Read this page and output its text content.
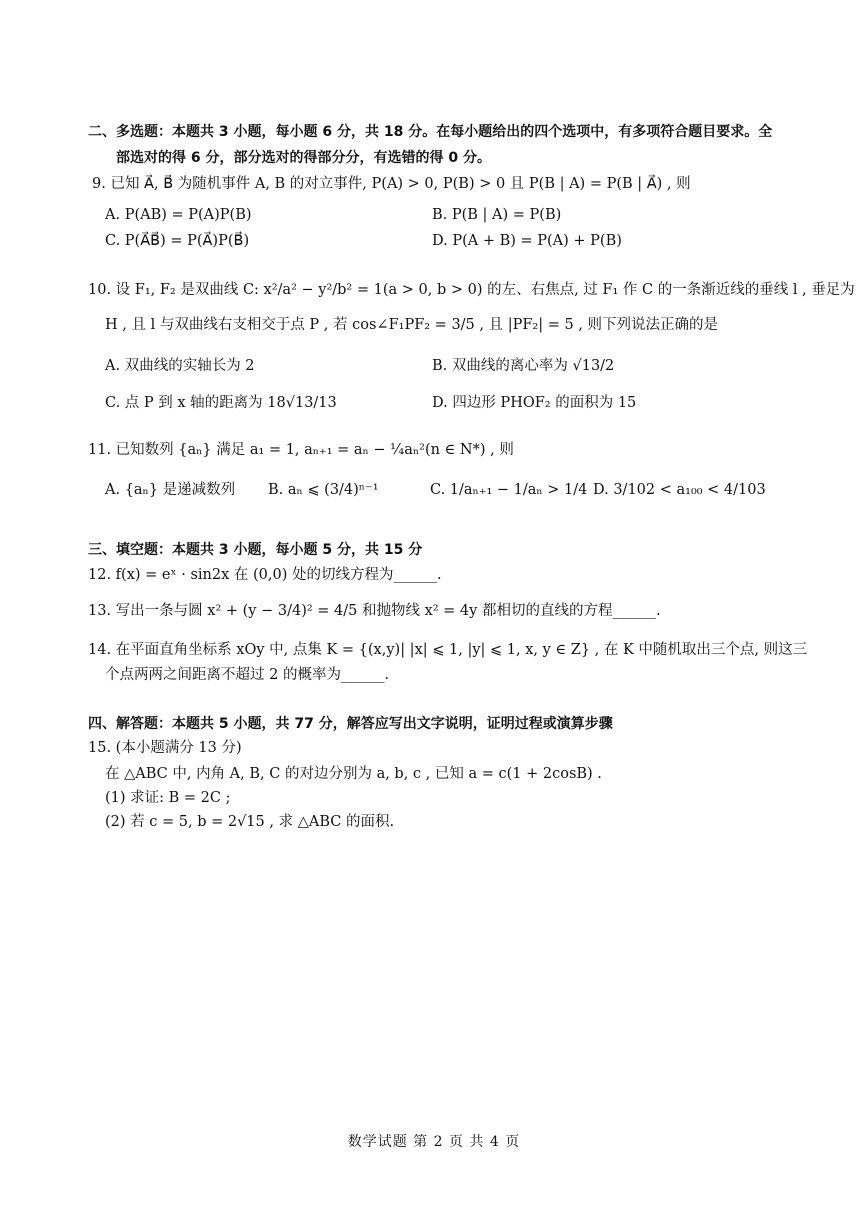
二、多选题：本题共 3 小题，每小题 6 分，共 18 分。在每小题给出的四个选项中，有多项符合题目要求。全
部选对的得 6 分，部分选对的得部分分，有选错的得 0 分。
9. 已知 A⃗, B⃗ 为随机事件 A, B 的对立事件, P(A) > 0, P(B) > 0 且 P(B | A) = P(B | A⃗) , 则
A. P(AB) = P(A)P(B)	B. P(B | A) = P(B)
C. P(A⃗B⃗) = P(A⃗)P(B⃗)	D. P(A + B) = P(A) + P(B)
10. 设 F₁, F₂ 是双曲线 C: x²/a² − y²/b² = 1(a > 0, b > 0) 的左、右焦点, 过 F₁ 作 C 的一条渐近线的垂线 l , 垂足为
H , 且 l 与双曲线右支相交于点 P , 若 cos∠F₁PF₂ = 3/5 , 且 |PF₂| = 5 , 则下列说法正确的是
A. 双曲线的实轴长为 2	B. 双曲线的离心率为 √13/2
C. 点 P 到 x 轴的距离为 18√13/13	D. 四边形 PHOF₂ 的面积为 15
11. 已知数列 {aₙ} 满足 a₁ = 1, aₙ₊₁ = aₙ − ¼aₙ²(n ∈ N*) , 则
A. {aₙ} 是递减数列 B. aₙ ⩽ (3/4)ⁿ⁻¹	C. 1/aₙ₊₁ − 1/aₙ > 1/4 D. 3/102 < a₁₀₀ < 4/103
三、填空题：本题共 3 小题，每小题 5 分，共 15 分
12. f(x) = eˣ · sin2x 在 (0,0) 处的切线方程为______.
13. 写出一条与圆 x² + (y − 3/4)² = 4/5 和抛物线 x² = 4y 都相切的直线的方程______.
14. 在平面直角坐标系 xOy 中, 点集 K = {(x,y)| |x| ⩽ 1, |y| ⩽ 1, x, y ∈ Z} , 在 K 中随机取出三个点, 则这三
个点两两之间距离不超过 2 的概率为______.
四、解答题：本题共 5 小题，共 77 分，解答应写出文字说明，证明过程或演算步骤
15. (本小题满分 13 分)
在 △ABC 中, 内角 A, B, C 的对边分别为 a, b, c , 已知 a = c(1 + 2cosB) .
(1) 求证: B = 2C ;
(2) 若 c = 5, b = 2√15 , 求 △ABC 的面积.
数学试题 第 2 页 共 4 页
